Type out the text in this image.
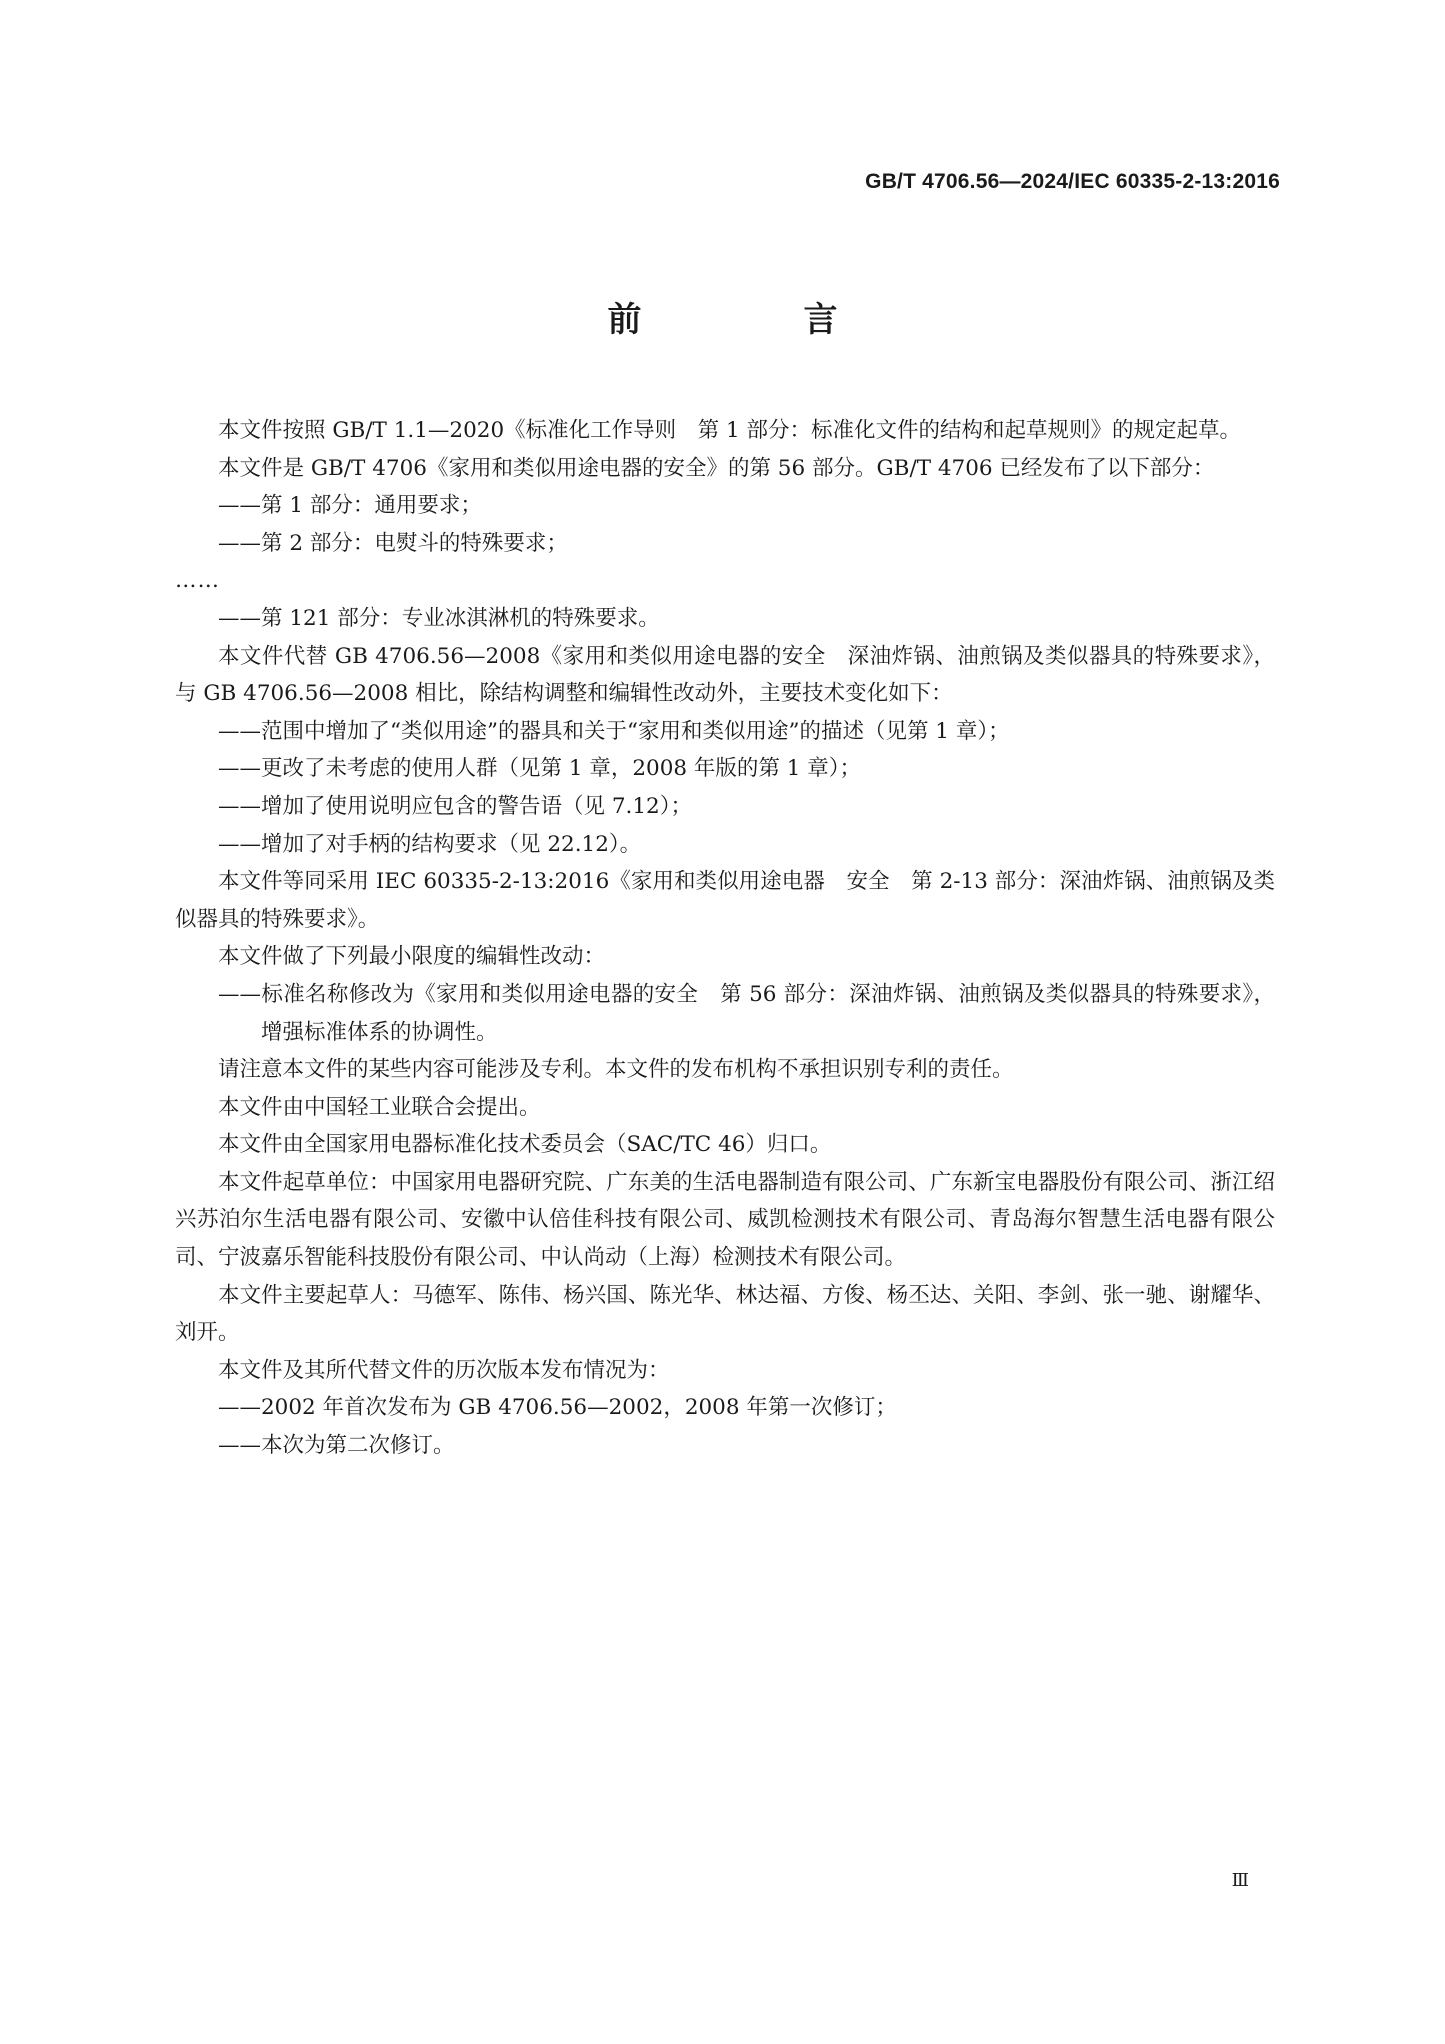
GB/T 4706.56—2024/IEC 60335-2-13:2016
前　言

本文件按照 GB/T 1.1—2020《标准化工作导则　第 1 部分：标准化文件的结构和起草规则》的规定起草。

本文件是 GB/T 4706《家用和类似用途电器的安全》的第 56 部分。GB/T 4706 已经发布了以下部分：

——第 1 部分：通用要求；

——第 2 部分：电熨斗的特殊要求；

……

——第 121 部分：专业冰淇淋机的特殊要求。

本文件代替 GB 4706.56—2008《家用和类似用途电器的安全　深油炸锅、油煎锅及类似器具的特殊要求》，与 GB 4706.56—2008 相比，除结构调整和编辑性改动外，主要技术变化如下：

——范围中增加了“类似用途”的器具和关于“家用和类似用途”的描述（见第 1 章）；

——更改了未考虑的使用人群（见第 1 章，2008 年版的第 1 章）；

——增加了使用说明应包含的警告语（见 7.12）；

——增加了对手柄的结构要求（见 22.12）。

本文件等同采用 IEC 60335-2-13:2016《家用和类似用途电器　安全　第 2-13 部分：深油炸锅、油煎锅及类似器具的特殊要求》。

本文件做了下列最小限度的编辑性改动：

——标准名称修改为《家用和类似用途电器的安全　第 56 部分：深油炸锅、油煎锅及类似器具的特殊要求》，增强标准体系的协调性。

请注意本文件的某些内容可能涉及专利。本文件的发布机构不承担识别专利的责任。

本文件由中国轻工业联合会提出。

本文件由全国家用电器标准化技术委员会（SAC/TC 46）归口。

本文件起草单位：中国家用电器研究院、广东美的生活电器制造有限公司、广东新宝电器股份有限公司、浙江绍兴苏泊尔生活电器有限公司、安徽中认倍佳科技有限公司、威凯检测技术有限公司、青岛海尔智慧生活电器有限公司、宁波嘉乐智能科技股份有限公司、中认尚动（上海）检测技术有限公司。

本文件主要起草人：马德军、陈伟、杨兴国、陈光华、林达福、方俊、杨丕达、关阳、李剑、张一驰、谢耀华、刘开。

本文件及其所代替文件的历次版本发布情况为：

——2002 年首次发布为 GB 4706.56—2002，2008 年第一次修订；

——本次为第二次修订。

Ⅲ
